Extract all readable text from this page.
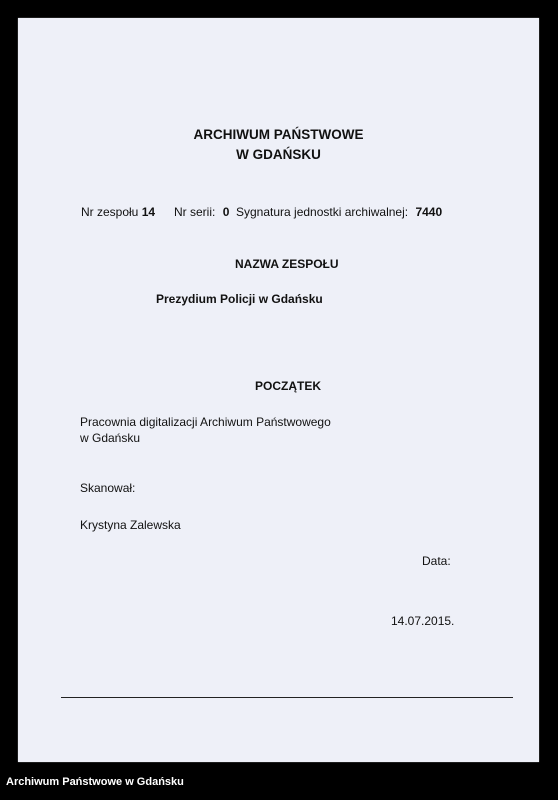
ARCHIWUM PAŃSTWOWE
W GDAŃSKU
Nr zespołu 14 Nr serii: 0 Sygnatura jednostki archiwalnej: 7440
NAZWA ZESPOŁU
Prezydium Policji w Gdańsku
POCZĄTEK
Pracownia digitalizacji Archiwum Państwowego
w Gdańsku
Skanował:
Krystyna Zalewska
Data:
14.07.2015.
Archiwum Państwowe w Gdańsku
